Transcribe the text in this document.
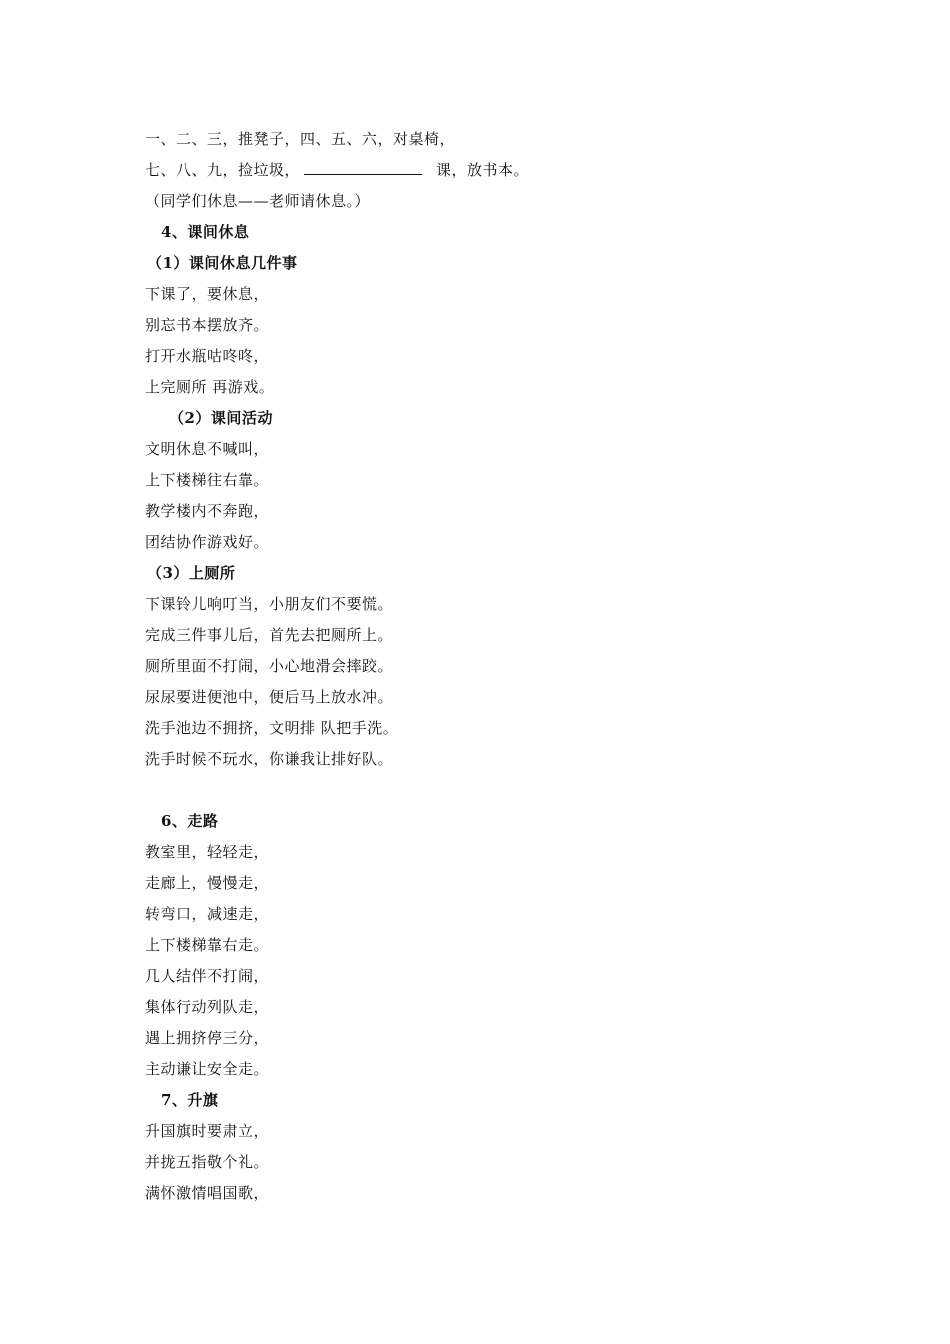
一、二、三，推凳子，四、五、六，对桌椅，
七、八、九，捡垃圾，	课，放书本。
（同学们休息——老师请休息。）
4、课间休息
（1）课间休息几件事
下课了，要休息，
别忘书本摆放齐。
打开水瓶咕咚咚，
上完厕所 再游戏。
（2）课间活动
文明休息不喊叫，
上下楼梯往右靠。
教学楼内不奔跑，
团结协作游戏好。
（3）上厕所
下课铃儿响叮当，小朋友们不要慌。
完成三件事儿后，首先去把厕所上。
厕所里面不打闹，小心地滑会摔跤。
尿尿要进便池中，便后马上放水冲。
洗手池边不拥挤，文明排 队把手洗。
洗手时候不玩水，你谦我让排好队。
6、走路
教室里，轻轻走，
走廊上，慢慢走，
转弯口，减速走，
上下楼梯靠右走。
几人结伴不打闹，
集体行动列队走，
遇上拥挤停三分，
主动谦让安全走。
7、升旗
升国旗时要肃立，
并拢五指敬个礼。
满怀激情唱国歌，
